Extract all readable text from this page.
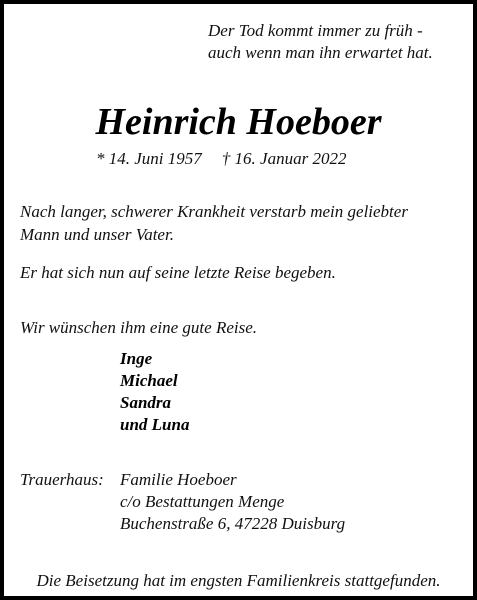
Der Tod kommt immer zu früh -
auch wenn man ihn erwartet hat.
Heinrich Hoeboer
* 14. Juni 1957 † 16. Januar 2022
Nach langer, schwerer Krankheit verstarb mein geliebter
Mann und unser Vater.
Er hat sich nun auf seine letzte Reise begeben.
Wir wünschen ihm eine gute Reise.
Inge
Michael
Sandra
und Luna
Trauerhaus: Familie Hoeboer
c/o Bestattungen Menge
Buchenstraße 6, 47228 Duisburg
Die Beisetzung hat im engsten Familienkreis stattgefunden.
